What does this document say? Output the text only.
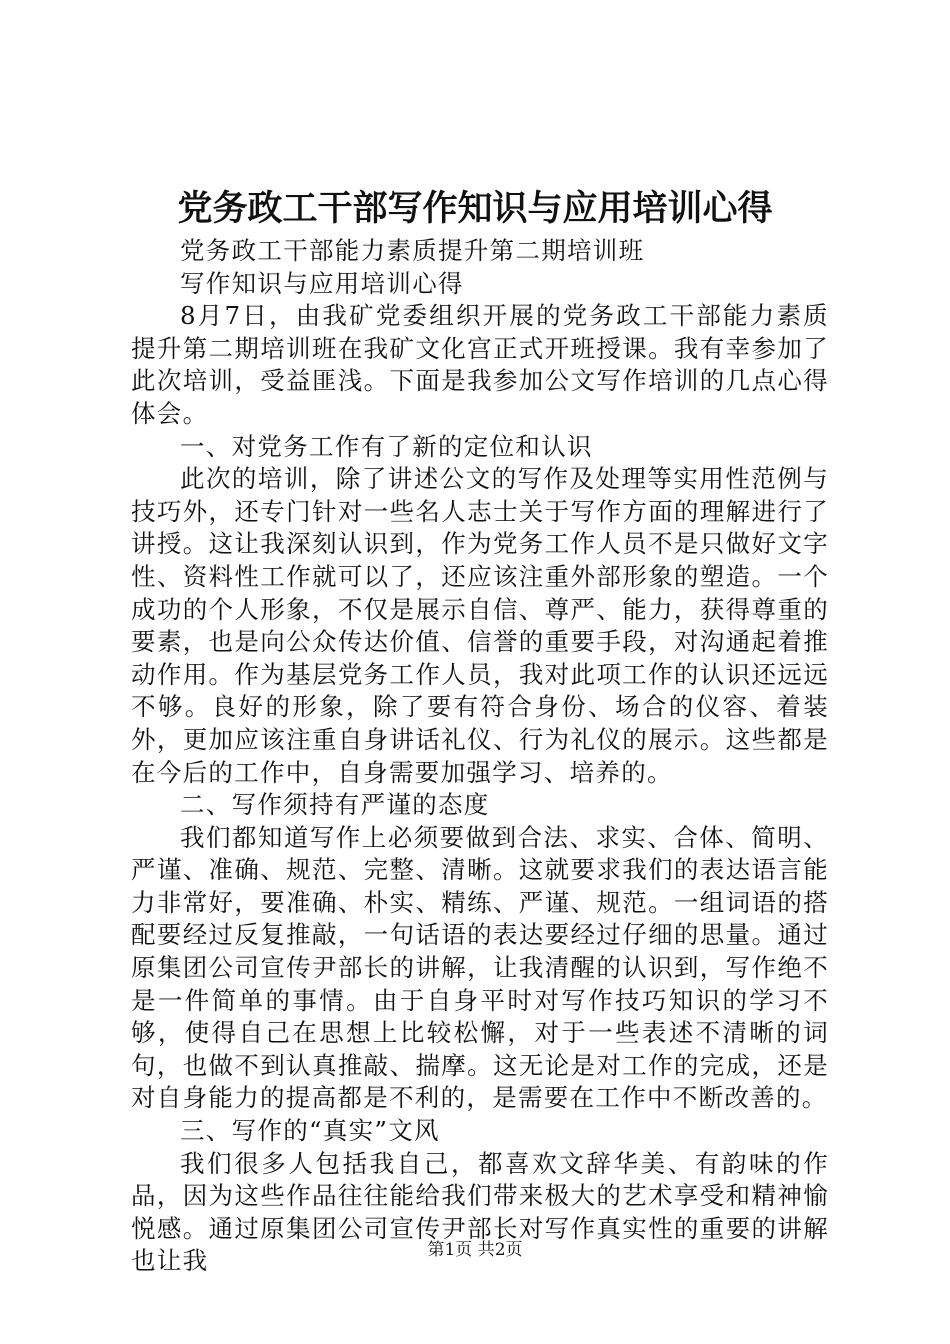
党务政工干部写作知识与应用培训心得

党务政工干部能力素质提升第二期培训班

写作知识与应用培训心得

8月7日，由我矿党委组织开展的党务政工干部能力素质提升第二期培训班在我矿文化宫正式开班授课。我有幸参加了此次培训，受益匪浅。下面是我参加公文写作培训的几点心得体会。

一、对党务工作有了新的定位和认识

此次的培训，除了讲述公文的写作及处理等实用性范例与技巧外，还专门针对一些名人志士关于写作方面的理解进行了讲授。这让我深刻认识到，作为党务工作人员不是只做好文字性、资料性工作就可以了，还应该注重外部形象的塑造。一个成功的个人形象，不仅是展示自信、尊严、能力，获得尊重的要素，也是向公众传达价值、信誉的重要手段，对沟通起着推动作用。作为基层党务工作人员，我对此项工作的认识还远远不够。良好的形象，除了要有符合身份、场合的仪容、着装外，更加应该注重自身讲话礼仪、行为礼仪的展示。这些都是在今后的工作中，自身需要加强学习、培养的。

二、写作须持有严谨的态度

我们都知道写作上必须要做到合法、求实、合体、简明、严谨、准确、规范、完整、清晰。这就要求我们的表达语言能力非常好，要准确、朴实、精练、严谨、规范。一组词语的搭配要经过反复推敲，一句话语的表达要经过仔细的思量。通过原集团公司宣传尹部长的讲解，让我清醒的认识到，写作绝不是一件简单的事情。由于自身平时对写作技巧知识的学习不够，使得自己在思想上比较松懈，对于一些表述不清晰的词句，也做不到认真推敲、揣摩。这无论是对工作的完成，还是对自身能力的提高都是不利的，是需要在工作中不断改善的。

三、写作的“真实”文风

我们很多人包括我自己，都喜欢文辞华美、有韵味的作品，因为这些作品往往能给我们带来极大的艺术享受和精神愉悦感。通过原集团公司宣传尹部长对写作真实性的重要的讲解也让我	第1页 共2页
